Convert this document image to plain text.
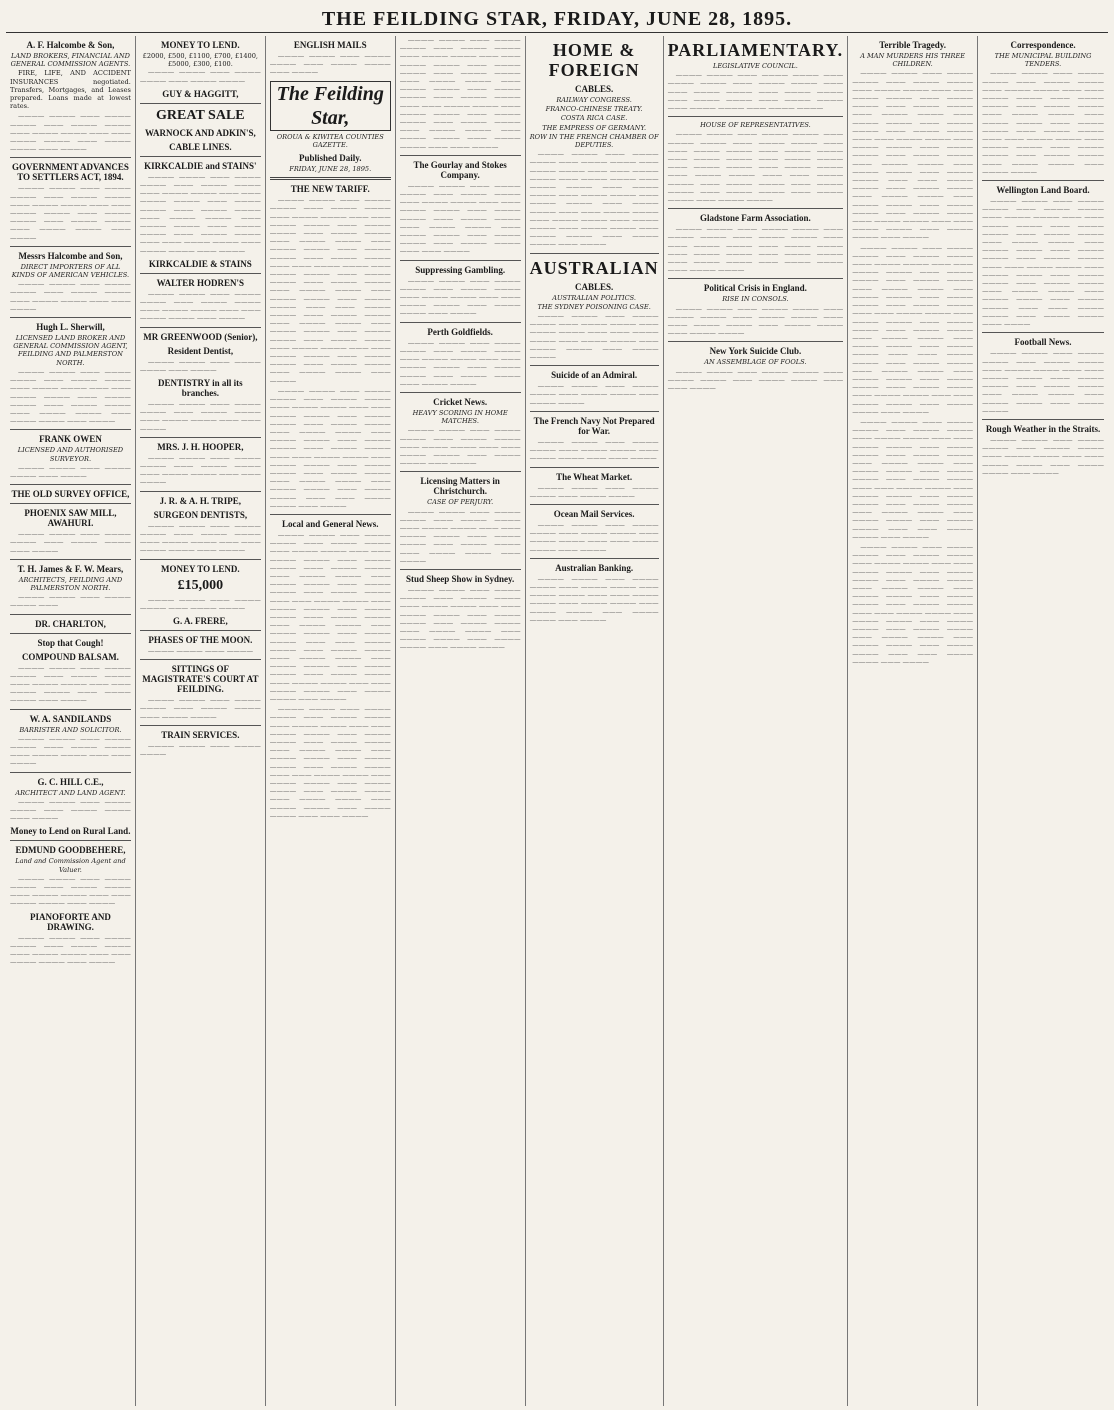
THE FEILDING STAR, FRIDAY, JUNE 28, 1895.
A. F. Halcombe & Son,
LAND BROKERS, FINANCIAL AND GENERAL COMMISSION AGENTS.
FIRE, LIFE, AND ACCIDENT INSURANCES negotiated. Transfers, Mortgages, and Leases prepared. Loans made at lowest rates.
———— ———— ——— ———— ———— ——— ———— ———— ——— ———— ———— ——— ——— ———— ———— ——— ———— ———— ——— ————
GOVERNMENT ADVANCES TO SETTLERS ACT, 1894.
———— ———— ——— ———— ———— ——— ———— ———— ——— ———— ———— ——— ——— ———— ———— ——— ———— ———— ——— ———— ———— ——— ———— ———— ——— ————
Messrs Halcombe and Son,
DIRECT IMPORTERS OF ALL KINDS OF AMERICAN VEHICLES.
———— ———— ——— ———— ———— ——— ———— ———— ——— ———— ———— ——— ——— ————
Hugh L. Sherwill,
LICENSED LAND BROKER AND GENERAL COMMISSION AGENT, FEILDING AND PALMERSTON NORTH.
———— ———— ——— ———— ———— ——— ———— ———— ——— ———— ———— ——— ——— ———— ———— ——— ———— ———— ——— ———— ———— ——— ———— ———— ——— ———— ———— ——— ————
FRANK OWEN
LICENSED AND AUTHORISED SURVEYOR.
———— ———— ——— ———— ———— ——— ————
THE OLD SURVEY OFFICE,
PHOENIX SAW MILL, AWAHURI.
———— ———— ——— ———— ———— ——— ———— ———— ——— ————
T. H. James & F. W. Mears,
ARCHITECTS, FEILDING AND PALMERSTON NORTH.
———— ———— ——— ———— ———— ———
DR. CHARLTON,
Stop that Cough!
COMPOUND BALSAM.
———— ———— ——— ———— ———— ——— ———— ———— ——— ———— ———— ——— ——— ———— ———— ——— ———— ———— ——— ————
W. A. SANDILANDS
BARRISTER AND SOLICITOR.
———— ———— ——— ———— ———— ——— ———— ———— ——— ———— ———— ——— ——— ————
G. C. HILL C.E.,
ARCHITECT AND LAND AGENT.
———— ———— ——— ———— ———— ——— ———— ———— ——— ————
Money to Lend on Rural Land.
EDMUND GOODBEHERE,
Land and Commission Agent and Valuer.
———— ———— ——— ———— ———— ——— ———— ———— ——— ———— ———— ——— ——— ———— ———— ——— ————
PIANOFORTE AND DRAWING.
———— ———— ——— ———— ———— ——— ———— ———— ——— ———— ———— ——— ——— ———— ———— ——— ————
MONEY TO LEND.
£2000, £500, £1100, £700, £1400, £5000, £300, £100.
———— ———— ——— ———— ———— ——— ———— ————
GUY & HAGGITT,
GREAT SALE
WARNOCK AND ADKIN'S,
CABLE LINES.
KIRKCALDIE and STAINS'
———— ———— ——— ———— ———— ——— ———— ———— ——— ———— ———— ——— ——— ———— ———— ——— ———— ———— ——— ———— ———— ——— ———— ———— ——— ———— ———— ——— ———— ———— ——— ———— ———— ——— ——— ———— ———— ——— ———— ———— ——— ————
KIRKCALDIE & STAINS
WALTER HODREN'S
———— ———— ——— ———— ———— ——— ———— ———— ——— ———— ———— ——— ——— ———— ———— ——— ————
MR GREENWOOD (Senior),
Resident Dentist,
———— ———— ——— ———— ———— ——— ————
DENTISTRY in all its branches.
———— ———— ——— ———— ———— ——— ———— ———— ——— ———— ———— ——— ——— ————
MRS. J. H. HOOPER,
———— ———— ——— ———— ———— ——— ———— ———— ——— ———— ———— ——— ——— ————
J. R. & A. H. TRIPE,
SURGEON DENTISTS,
———— ———— ——— ———— ———— ——— ———— ———— ——— ———— ———— ——— ——— ———— ———— ——— ————
MONEY TO LEND.
£15,000
———— ———— ——— ———— ———— ——— ———— ————
G. A. FRERE,
PHASES OF THE MOON.
———— ———— ——— ————
SITTINGS OF MAGISTRATE'S COURT AT FEILDING.
———— ———— ——— ———— ———— ——— ———— ———— ——— ———— ————
TRAIN SERVICES.
———— ———— ——— ———— ————
ENGLISH MAILS
———— ———— ——— ———— ———— ——— ———— ———— ——— ————
The Feilding Star,
OROUA & KIWITEA COUNTIES GAZETTE.
Published Daily.
FRIDAY, JUNE 28, 1895.
THE NEW TARIFF.
———— ———— ——— ———— ———— ——— ———— ———— ——— ———— ———— ——— ——— ———— ———— ——— ———— ———— ——— ———— ———— ——— ———— ———— ——— ———— ———— ——— ———— ———— ——— ———— ———— ——— ——— ———— ———— ——— ———— ———— ——— ———— ———— ——— ———— ———— ——— ———— ———— ——— ———— ———— ——— ———— ———— ——— ——— ———— ———— ——— ———— ———— ——— ———— ———— ——— ———— ———— ——— ———— ———— ——— ———— ———— ——— ———— ———— ——— ——— ———— ———— ——— ———— ———— ——— ———— ———— ——— ———— ———— ——— ————
———— ———— ——— ———— ———— ——— ———— ———— ——— ———— ———— ——— ——— ———— ———— ——— ———— ———— ——— ———— ———— ——— ———— ———— ——— ———— ———— ——— ———— ———— ——— ———— ———— ——— ——— ———— ———— ——— ———— ———— ——— ———— ———— ——— ———— ———— ——— ———— ———— ——— ———— ———— ——— ———— ———— ——— ——— ———— ———— ——— ————
Local and General News.
———— ———— ——— ———— ———— ——— ———— ———— ——— ———— ———— ——— ——— ———— ———— ——— ———— ———— ——— ———— ———— ——— ———— ———— ——— ———— ———— ——— ———— ———— ——— ———— ———— ——— ——— ———— ———— ——— ———— ———— ——— ———— ———— ——— ———— ———— ——— ———— ———— ——— ———— ———— ——— ———— ———— ——— ——— ———— ———— ——— ———— ———— ——— ———— ———— ——— ———— ———— ——— ———— ———— ——— ———— ———— ——— ———— ———— ——— ——— ———— ———— ——— ———— ———— ——— ————
———— ———— ——— ———— ———— ——— ———— ———— ——— ———— ———— ——— ——— ———— ———— ——— ———— ———— ——— ———— ———— ——— ———— ———— ——— ———— ———— ——— ———— ———— ——— ———— ———— ——— ——— ———— ———— ——— ———— ———— ——— ———— ———— ——— ———— ———— ——— ———— ———— ——— ———— ———— ——— ———— ———— ——— ——— ————
———— ———— ——— ———— ———— ——— ———— ———— ——— ———— ———— ——— ——— ———— ———— ——— ———— ———— ——— ———— ———— ——— ———— ———— ——— ———— ———— ——— ———— ———— ——— ———— ———— ——— ——— ———— ———— ——— ———— ———— ——— ———— ———— ——— ———— ———— ——— ———— ———— ——— ———— ———— ——— ———— ———— ——— ——— ————
The Gourlay and Stokes Company.
———— ———— ——— ———— ———— ——— ———— ———— ——— ———— ———— ——— ——— ———— ———— ——— ———— ———— ——— ———— ———— ——— ———— ———— ——— ———— ———— ——— ———— ———— ——— ———— ———— ——— ——— ————
Suppressing Gambling.
———— ———— ——— ———— ———— ——— ———— ———— ——— ———— ———— ——— ——— ———— ———— ——— ———— ———— ——— ————
Perth Goldfields.
———— ———— ——— ———— ———— ——— ———— ———— ——— ———— ———— ——— ——— ———— ———— ——— ———— ———— ——— ———— ———— ——— ———— ————
Cricket News.
HEAVY SCORING IN HOME MATCHES.
———— ———— ——— ———— ———— ——— ———— ———— ——— ———— ———— ——— ——— ———— ———— ——— ———— ———— ——— ————
Licensing Matters in Christchurch.
CASE OF PERJURY.
———— ———— ——— ———— ———— ——— ———— ———— ——— ———— ———— ——— ——— ———— ———— ——— ———— ———— ——— ———— ———— ——— ———— ———— ——— ————
Stud Sheep Show in Sydney.
———— ———— ——— ———— ———— ——— ———— ———— ——— ———— ———— ——— ——— ———— ———— ——— ———— ———— ——— ———— ———— ——— ———— ———— ——— ———— ———— ——— ———— ———— ——— ———— ————
HOME & FOREIGN
CABLES.
RAILWAY CONGRESS.
FRANCO-CHINESE TREATY.
COSTA RICA CASE.
THE EMPRESS OF GERMANY.
ROW IN THE FRENCH CHAMBER OF DEPUTIES.
———— ———— ——— ———— ———— ——— ———— ———— ——— ———— ———— ——— ——— ———— ———— ——— ———— ———— ——— ———— ———— ——— ———— ———— ——— ———— ———— ——— ———— ———— ——— ———— ———— ——— ——— ———— ———— ——— ———— ———— ——— ———— ———— ——— ———— ———— ——— ———— ———— ——— ———— ———— ——— ————
AUSTRALIAN
CABLES.
AUSTRALIAN POLITICS.
THE SYDNEY POISONING CASE.
———— ———— ——— ———— ———— ——— ———— ———— ——— ———— ———— ——— ——— ———— ———— ——— ———— ———— ——— ———— ———— ——— ———— ————
Suicide of an Admiral.
———— ———— ——— ———— ———— ——— ———— ———— ——— ———— ————
The French Navy Not Prepared for War.
———— ———— ——— ———— ———— ——— ———— ———— ——— ———— ———— ——— ——— ————
The Wheat Market.
———— ———— ——— ———— ———— ——— ———— ————
Ocean Mail Services.
———— ———— ——— ———— ———— ——— ———— ———— ——— ———— ———— ——— ——— ———— ———— ——— ————
Australian Banking.
———— ———— ——— ———— ———— ——— ———— ———— ——— ———— ———— ——— ——— ———— ———— ——— ———— ———— ——— ———— ———— ——— ———— ———— ——— ————
PARLIAMENTARY.
LEGISLATIVE COUNCIL.
———— ———— ——— ———— ———— ——— ———— ———— ——— ———— ———— ——— ——— ———— ———— ——— ———— ———— ——— ———— ———— ——— ———— ———— ——— ———— ———— ——— ———— ————
HOUSE OF REPRESENTATIVES.
———— ———— ——— ———— ———— ——— ———— ———— ——— ———— ———— ——— ——— ———— ———— ——— ———— ———— ——— ———— ———— ——— ———— ———— ——— ———— ———— ——— ———— ———— ——— ———— ———— ——— ——— ———— ———— ——— ———— ———— ——— ———— ———— ——— ———— ———— ——— ———— ———— ——— ———— ————
Gladstone Farm Association.
———— ———— ——— ———— ———— ——— ———— ———— ——— ———— ———— ——— ——— ———— ———— ——— ———— ———— ——— ———— ———— ——— ———— ———— ——— ———— ———— ——— ———— ———— ——— ———— ————
Political Crisis in England.
RISE IN CONSOLS.
———— ———— ——— ———— ———— ——— ———— ———— ——— ———— ———— ——— ——— ———— ———— ——— ———— ———— ——— ———— ————
New York Suicide Club.
AN ASSEMBLAGE OF FOOLS.
———— ———— ——— ———— ———— ——— ———— ———— ——— ———— ———— ——— ——— ————
Terrible Tragedy.
A MAN MURDERS HIS THREE CHILDREN.
———— ———— ——— ———— ———— ——— ———— ———— ——— ———— ———— ——— ——— ———— ———— ——— ———— ———— ——— ———— ———— ——— ———— ———— ——— ———— ———— ——— ———— ———— ——— ———— ———— ——— ——— ———— ———— ——— ———— ———— ——— ———— ———— ——— ———— ———— ——— ———— ———— ——— ———— ———— ——— ———— ———— ——— ——— ———— ———— ——— ———— ———— ——— ———— ———— ——— ———— ———— ——— ———— ———— ——— ———— ———— ——— ———— ———— ——— ——— ———— ———— ——— ———— ———— ——— ————
———— ———— ——— ———— ———— ——— ———— ———— ——— ———— ———— ——— ——— ———— ———— ——— ———— ———— ——— ———— ———— ——— ———— ———— ——— ———— ———— ——— ———— ———— ——— ———— ———— ——— ——— ———— ———— ——— ———— ———— ——— ———— ———— ——— ———— ———— ——— ———— ———— ——— ———— ———— ——— ———— ———— ——— ——— ———— ———— ——— ———— ———— ——— ———— ———— ——— ———— ———— ——— ———— ———— ——— ———— ———— ——— ———— ———— ——— ——— ———— ———— ——— ———— ———— ——— ————
———— ———— ——— ———— ———— ——— ———— ———— ——— ———— ———— ——— ——— ———— ———— ——— ———— ———— ——— ———— ———— ——— ———— ———— ——— ———— ———— ——— ———— ———— ——— ———— ———— ——— ——— ———— ———— ——— ———— ———— ——— ———— ———— ——— ———— ———— ——— ———— ———— ——— ———— ———— ——— ———— ———— ——— ——— ———— ———— ——— ————
———— ———— ——— ———— ———— ——— ———— ———— ——— ———— ———— ——— ——— ———— ———— ——— ———— ———— ——— ———— ———— ——— ———— ———— ——— ———— ———— ——— ———— ———— ——— ———— ———— ——— ——— ———— ———— ——— ———— ———— ——— ———— ———— ——— ———— ———— ——— ———— ———— ——— ———— ———— ——— ———— ———— ——— ——— ———— ———— ——— ————
Correspondence.
THE MUNICIPAL BUILDING TENDERS.
———— ———— ——— ———— ———— ——— ———— ———— ——— ———— ———— ——— ——— ———— ———— ——— ———— ———— ——— ———— ———— ——— ———— ———— ——— ———— ———— ——— ———— ———— ——— ———— ———— ——— ——— ———— ———— ——— ———— ———— ——— ———— ———— ——— ———— ———— ——— ———— ———— ——— ———— ————
Wellington Land Board.
———— ———— ——— ———— ———— ——— ———— ———— ——— ———— ———— ——— ——— ———— ———— ——— ———— ———— ——— ———— ———— ——— ———— ———— ——— ———— ———— ——— ———— ———— ——— ———— ———— ——— ——— ———— ———— ——— ———— ———— ——— ———— ———— ——— ———— ———— ——— ———— ———— ——— ———— ———— ——— ———— ———— ——— ——— ———— ———— ——— ———— ———— ——— ————
Football News.
———— ———— ——— ———— ———— ——— ———— ———— ——— ———— ———— ——— ——— ———— ———— ——— ———— ———— ——— ———— ———— ——— ———— ———— ——— ———— ———— ——— ———— ————
Rough Weather in the Straits.
———— ———— ——— ———— ———— ——— ———— ———— ——— ———— ———— ——— ——— ———— ———— ——— ———— ———— ——— ————
